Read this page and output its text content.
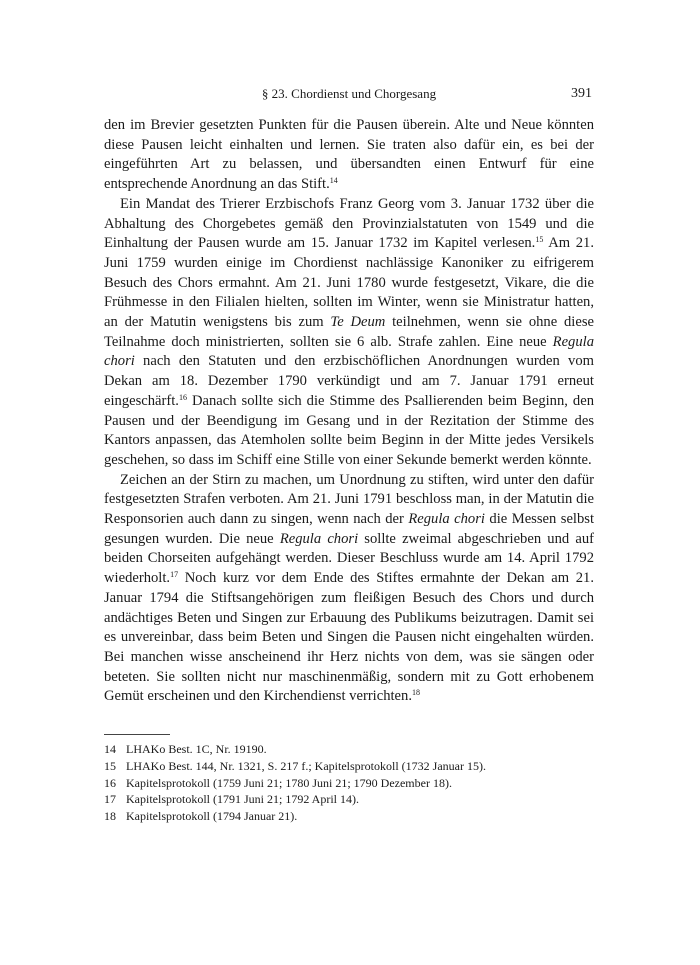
§ 23. Chordienst und Chorgesang	391

den im Brevier gesetzten Punkten für die Pausen überein. Alte und Neue könnten diese Pausen leicht einhalten und lernen. Sie traten also dafür ein, es bei der eingeführten Art zu belassen, und übersandten einen Entwurf für eine entsprechende Anordnung an das Stift.$^{14}$

Ein Mandat des Trierer Erzbischofs Franz Georg vom 3. Januar 1732 über die Abhaltung des Chorgebetes gemäß den Provinzialstatuten von 1549 und die Einhaltung der Pausen wurde am 15. Januar 1732 im Kapitel verlesen.$^{15}$ Am 21. Juni 1759 wurden einige im Chordienst nachlässige Kanoniker zu eifrigerem Besuch des Chors ermahnt. Am 21. Juni 1780 wurde festgesetzt, Vikare, die die Frühmesse in den Filialen hielten, sollten im Winter, wenn sie Ministratur hatten, an der Matutin wenigstens bis zum Te Deum teilnehmen, wenn sie ohne diese Teilnahme doch ministrierten, sollten sie 6 alb. Strafe zahlen. Eine neue Regula chori nach den Statuten und den erzbischöflichen Anordnungen wurden vom Dekan am 18. Dezember 1790 verkündigt und am 7. Januar 1791 erneut eingeschärft.$^{16}$ Danach sollte sich die Stimme des Psallierenden beim Beginn, den Pausen und der Beendigung im Gesang und in der Rezitation der Stimme des Kantors anpassen, das Atemholen sollte beim Beginn in der Mitte jedes Versikels geschehen, so dass im Schiff eine Stille von einer Sekunde bemerkt werden könnte.

Zeichen an der Stirn zu machen, um Unordnung zu stiften, wird unter den dafür festgesetzten Strafen verboten. Am 21. Juni 1791 beschloss man, in der Matutin die Responsorien auch dann zu singen, wenn nach der Regula chori die Messen selbst gesungen wurden. Die neue Regula chori sollte zweimal abgeschrieben und auf beiden Chorseiten aufgehängt werden. Dieser Beschluss wurde am 14. April 1792 wiederholt.$^{17}$ Noch kurz vor dem Ende des Stiftes ermahnte der Dekan am 21. Januar 1794 die Stiftsangehörigen zum fleißigen Besuch des Chors und durch andächtiges Beten und Singen zur Erbauung des Publikums beizutragen. Damit sei es unvereinbar, dass beim Beten und Singen die Pausen nicht eingehalten würden. Bei manchen wisse anscheinend ihr Herz nichts von dem, was sie sängen oder beteten. Sie sollten nicht nur maschinenmäßig, sondern mit zu Gott erhobenem Gemüt erscheinen und den Kirchendienst verrichten.$^{18}$

14 LHAKo Best. 1C, Nr. 19190.
15 LHAKo Best. 144, Nr. 1321, S. 217 f.; Kapitelsprotokoll (1732 Januar 15).
16 Kapitelsprotokoll (1759 Juni 21; 1780 Juni 21; 1790 Dezember 18).
17 Kapitelsprotokoll (1791 Juni 21; 1792 April 14).
18 Kapitelsprotokoll (1794 Januar 21).
